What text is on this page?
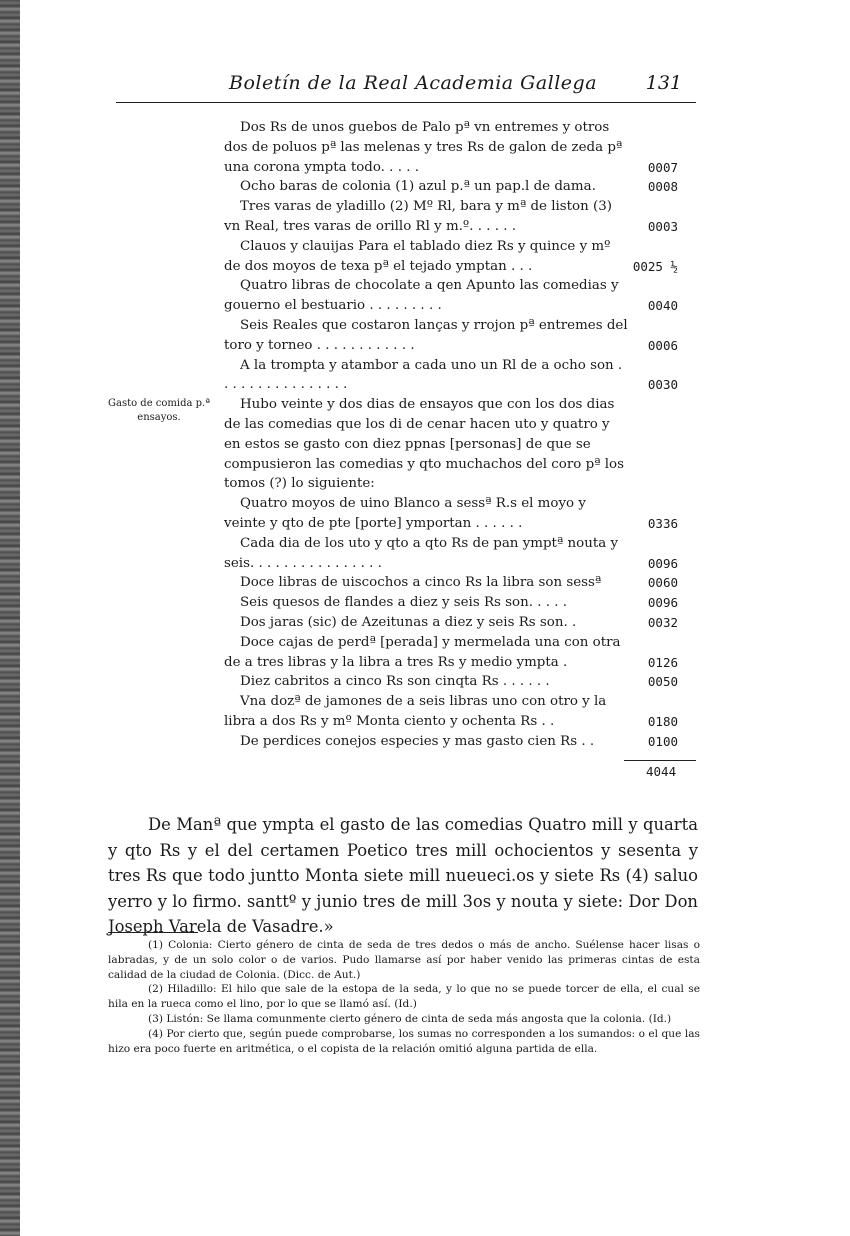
Boletín de la Real Academia Gallega	131
Gasto de comida p.ª ensayos.
Dos Rs de unos guebos de Palo pª vn entremes y otros dos de poluos pª las melenas y tres Rs de galon de zeda pª una corona ympta todo. . . . .	0007
Ocho baras de colonia (1) azul p.ª un pap.l de dama.	0008
Tres varas de yladillo (2) Mº Rl, bara y mª de liston (3) vn Real, tres varas de orillo Rl y m.º. . . . . .	0003
Clauos y clauijas Para el tablado diez Rs y quince y mº de dos moyos de texa pª el tejado ymptan . . .	0025 ½
Quatro libras de chocolate a qen Apunto las comedias y gouerno el bestuario . . . . . . . . .	0040
Seis Reales que costaron lanças y rrojon pª entremes del toro y torneo . . . . . . . . . . . .	0006
A la trompta y atambor a cada uno un Rl de a ocho son . . . . . . . . . . . . . . . .	0030
Hubo veinte y dos dias de ensayos que con los dos dias de las comedias que los di de cenar hacen uto y quatro y en estos se gasto con diez ppnas [personas] de que se compusieron las comedias y qto muchachos del coro pª los tomos (?) lo siguiente:
Quatro moyos de uino Blanco a sessª R.s el moyo y veinte y qto de pte [porte] ymportan . . . . . .	0336
Cada dia de los uto y qto a qto Rs de pan ymptª nouta y seis. . . . . . . . . . . . . . . .	0096
Doce libras de uiscochos a cinco Rs la libra son sessª	0060
Seis quesos de flandes a diez y seis Rs son. . . . .	0096
Dos jaras (sic) de Azeitunas a diez y seis Rs son. .	0032
Doce cajas de perdª [perada] y mermelada una con otra de a tres libras y la libra a tres Rs y medio ympta .	0126
Diez cabritos a cinco Rs son cinqta Rs . . . . . .	0050
Vna dozª de jamones de a seis libras uno con otro y la libra a dos Rs y mº Monta ciento y ochenta Rs . .	0180
De perdices conejos especies y mas gasto cien Rs . .	0100
4044

De Manª que ympta el gasto de las comedias Quatro mill y quarta y qto Rs y el del certamen Poetico tres mill ochocientos y sesenta y tres Rs que todo juntto Monta siete mill nueueci.os y siete Rs (4) saluo yerro y lo firmo. santtº y junio tres de mill 3os y nouta y siete: Dor Don Joseph Varela de Vasadre.»

(1) Colonia: Cierto género de cinta de seda de tres dedos o más de ancho. Suélense hacer lisas o labradas, y de un solo color o de varios. Pudo llamarse así por haber venido las primeras cintas de esta calidad de la ciudad de Colonia. (Dicc. de Aut.)

(2) Hiladillo: El hilo que sale de la estopa de la seda, y lo que no se puede torcer de ella, el cual se hila en la rueca como el lino, por lo que se llamó así. (Id.)

(3) Listón: Se llama comunmente cierto género de cinta de seda más angosta que la colonia. (Id.)

(4) Por cierto que, según puede comprobarse, los sumas no corresponden a los sumandos: o el que las hizo era poco fuerte en aritmética, o el copista de la relación omitió alguna partida de ella.
